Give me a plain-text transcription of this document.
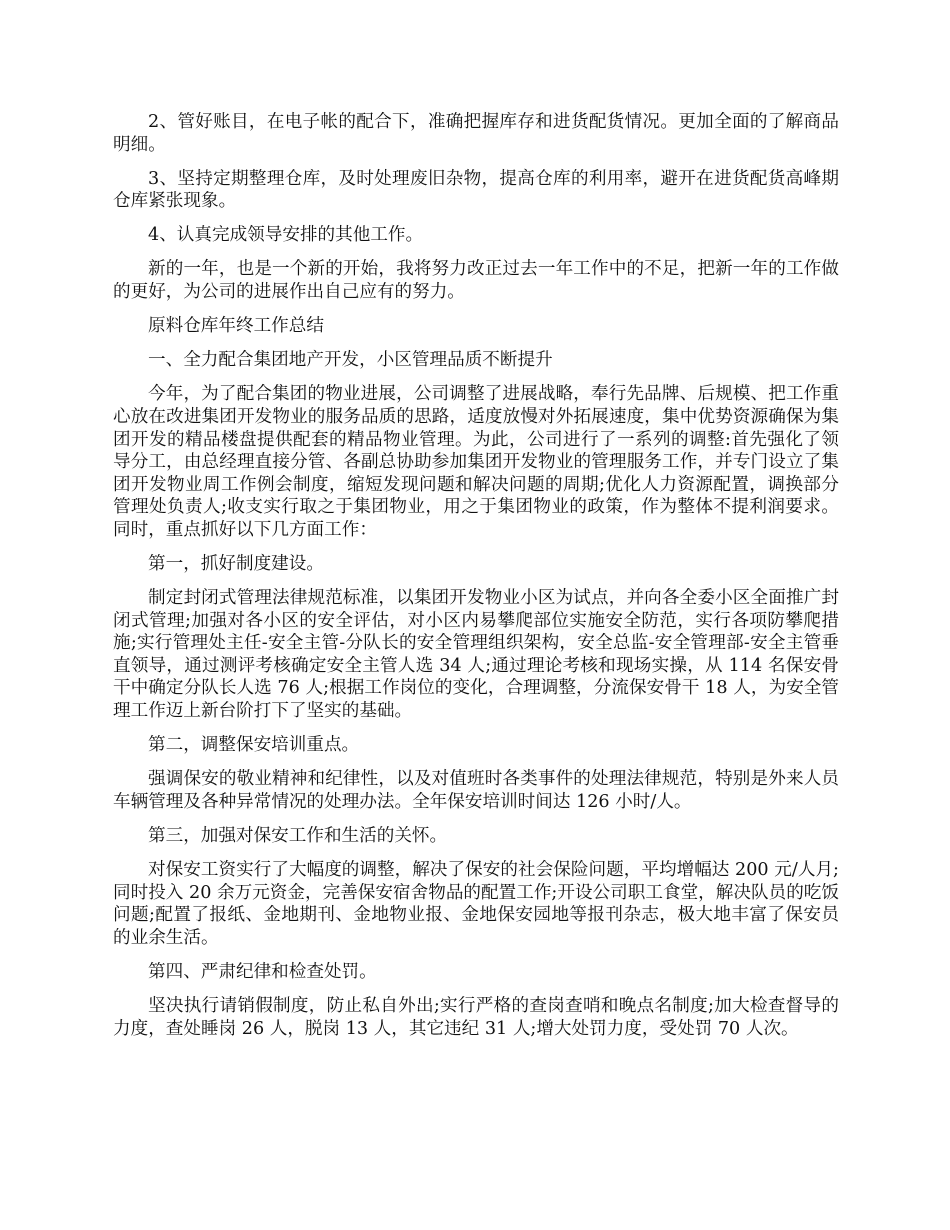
2、管好账目，在电子帐的配合下，准确把握库存和进货配货情况。更加全面的了解商品明细。

3、坚持定期整理仓库，及时处理废旧杂物，提高仓库的利用率，避开在进货配货高峰期仓库紧张现象。

4、认真完成领导安排的其他工作。

新的一年，也是一个新的开始，我将努力改正过去一年工作中的不足，把新一年的工作做的更好，为公司的进展作出自己应有的努力。

原料仓库年终工作总结

一、全力配合集团地产开发，小区管理品质不断提升

今年，为了配合集团的物业进展，公司调整了进展战略，奉行先品牌、后规模、把工作重心放在改进集团开发物业的服务品质的思路，适度放慢对外拓展速度，集中优势资源确保为集团开发的精品楼盘提供配套的精品物业管理。为此，公司进行了一系列的调整:首先强化了领导分工，由总经理直接分管、各副总协助参加集团开发物业的管理服务工作，并专门设立了集团开发物业周工作例会制度，缩短发现问题和解决问题的周期;优化人力资源配置，调换部分管理处负责人;收支实行取之于集团物业，用之于集团物业的政策，作为整体不提利润要求。同时，重点抓好以下几方面工作：

第一，抓好制度建设。

制定封闭式管理法律规范标准，以集团开发物业小区为试点，并向各全委小区全面推广封闭式管理;加强对各小区的安全评估，对小区内易攀爬部位实施安全防范，实行各项防攀爬措施;实行管理处主任-安全主管-分队长的安全管理组织架构，安全总监-安全管理部-安全主管垂直领导，通过测评考核确定安全主管人选 34 人;通过理论考核和现场实操，从 114 名保安骨干中确定分队长人选 76 人;根据工作岗位的变化，合理调整，分流保安骨干 18 人，为安全管理工作迈上新台阶打下了坚实的基础。

第二，调整保安培训重点。

强调保安的敬业精神和纪律性，以及对值班时各类事件的处理法律规范，特别是外来人员车辆管理及各种异常情况的处理办法。全年保安培训时间达 126 小时/人。

第三，加强对保安工作和生活的关怀。

对保安工资实行了大幅度的调整，解决了保安的社会保险问题，平均增幅达 200 元/人月;同时投入 20 余万元资金，完善保安宿舍物品的配置工作;开设公司职工食堂，解决队员的吃饭问题;配置了报纸、金地期刊、金地物业报、金地保安园地等报刊杂志，极大地丰富了保安员的业余生活。

第四、严肃纪律和检查处罚。

坚决执行请销假制度，防止私自外出;实行严格的查岗查哨和晚点名制度;加大检查督导的力度，查处睡岗 26 人，脱岗 13 人，其它违纪 31 人;增大处罚力度，受处罚 70 人次。
